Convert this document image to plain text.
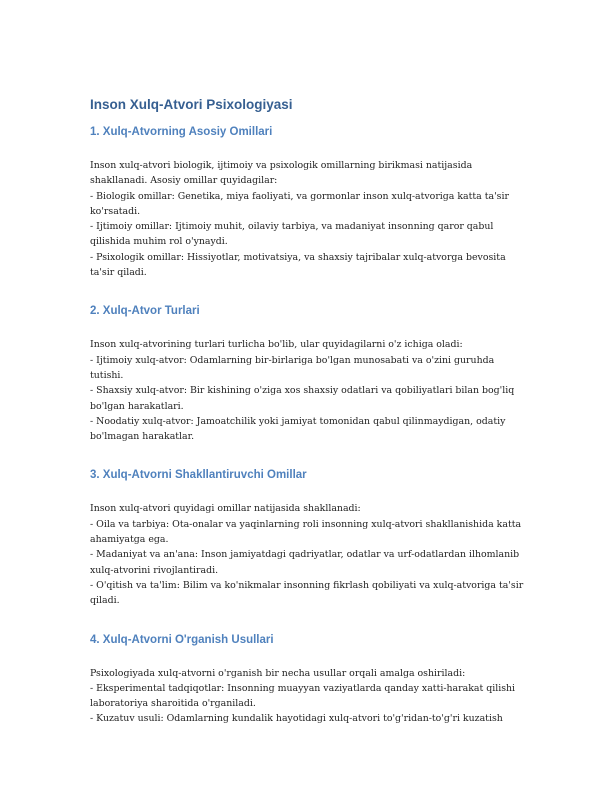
Inson Xulq-Atvori Psixologiyasi
1. Xulq-Atvorning Asosiy Omillari

Inson xulq-atvori biologik, ijtimoiy va psixologik omillarning birikmasi natijasida

shakllanadi. Asosiy omillar quyidagilar:

- Biologik omillar: Genetika, miya faoliyati, va gormonlar inson xulq-atvoriga katta ta'sir

ko'rsatadi.

- Ijtimoiy omillar: Ijtimoiy muhit, oilaviy tarbiya, va madaniyat insonning qaror qabul

qilishida muhim rol o'ynaydi.

- Psixologik omillar: Hissiyotlar, motivatsiya, va shaxsiy tajribalar xulq-atvorga bevosita

ta'sir qiladi.

2. Xulq-Atvor Turlari

Inson xulq-atvorining turlari turlicha bo'lib, ular quyidagilarni o'z ichiga oladi:

- Ijtimoiy xulq-atvor: Odamlarning bir-birlariga bo'lgan munosabati va o'zini guruhda

tutishi.

- Shaxsiy xulq-atvor: Bir kishining o'ziga xos shaxsiy odatlari va qobiliyatlari bilan bog'liq

bo'lgan harakatlari.

- Noodatiy xulq-atvor: Jamoatchilik yoki jamiyat tomonidan qabul qilinmaydigan, odatiy

bo'lmagan harakatlar.

3. Xulq-Atvorni Shakllantiruvchi Omillar

Inson xulq-atvori quyidagi omillar natijasida shakllanadi:

- Oila va tarbiya: Ota-onalar va yaqinlarning roli insonning xulq-atvori shakllanishida katta

ahamiyatga ega.

- Madaniyat va an'ana: Inson jamiyatdagi qadriyatlar, odatlar va urf-odatlardan ilhomlanib

xulq-atvorini rivojlantiradi.

- O'qitish va ta'lim: Bilim va ko'nikmalar insonning fikrlash qobiliyati va xulq-atvoriga ta'sir

qiladi.

4. Xulq-Atvorni O'rganish Usullari

Psixologiyada xulq-atvorni o'rganish bir necha usullar orqali amalga oshiriladi:

- Eksperimental tadqiqotlar: Insonning muayyan vaziyatlarda qanday xatti-harakat qilishi

laboratoriya sharoitida o'rganiladi.

- Kuzatuv usuli: Odamlarning kundalik hayotidagi xulq-atvori to'g'ridan-to'g'ri kuzatish
